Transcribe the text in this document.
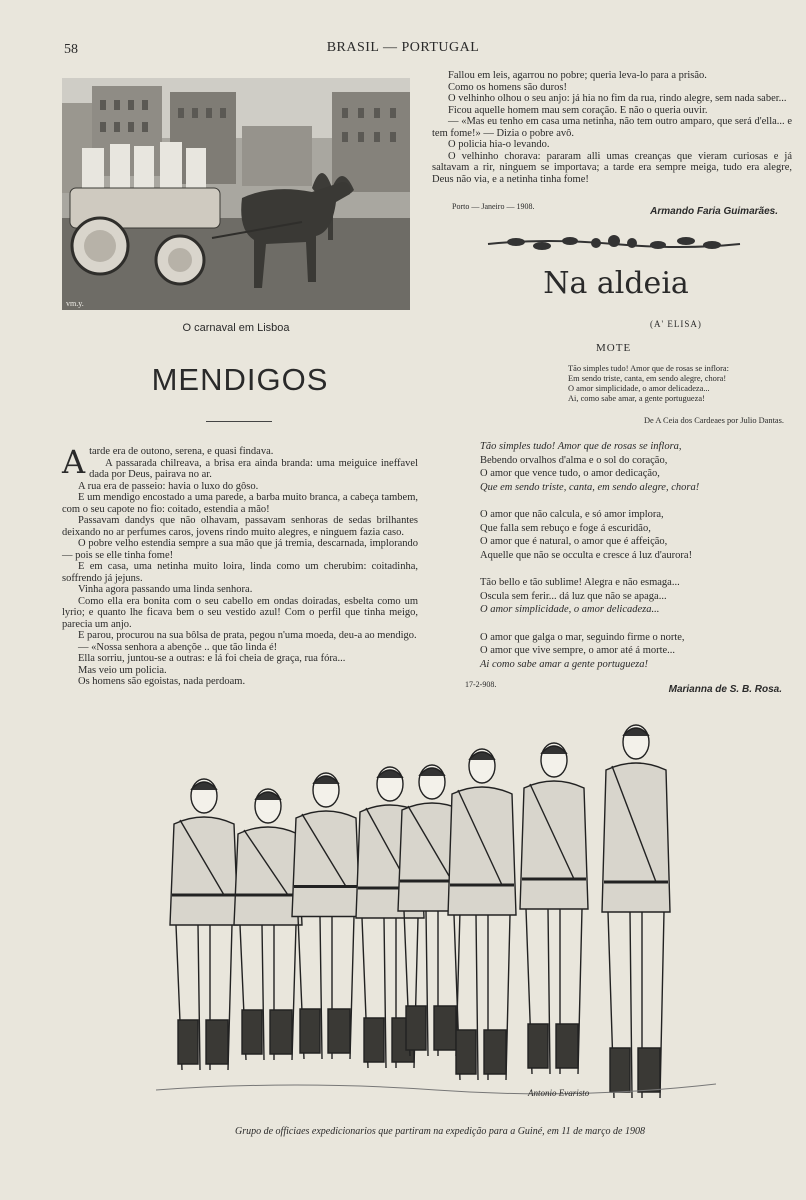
58	BRASIL — PORTUGAL
vm.y.
O carnaval em Lisboa
MENDIGOS

Atarde era de outono, serena, e quasi findava.

A passarada chilreava, a brisa era ainda branda: uma meiguice ineffavel dada por Deus, pairava no ar.

A rua era de passeio: havia o luxo do gôso.

E um mendigo encostado a uma parede, a barba muito branca, a cabeça tambem, com o seu capote no fio: coitado, estendia a mão!

Passavam dandys que não olhavam, passavam senhoras de sedas brilhantes deixando no ar perfumes caros, jovens rindo muito alegres, e ninguem fazia caso.

O pobre velho estendia sempre a sua mão que já tremia, descarnada, implorando — pois se elle tinha fome!

E em casa, uma netinha muito loira, linda como um cherubim: coitadinha, soffrendo já jejuns.

Vinha agora passando uma linda senhora.

Como ella era bonita com o seu cabello em ondas doiradas, esbelta como um lyrio; e quanto lhe ficava bem o seu vestido azul! Com o perfil que tinha meigo, parecia um anjo.

E parou, procurou na sua bôlsa de prata, pegou n'uma moeda, deu-a ao mendigo.

— «Nossa senhora a abençõe .. que tão linda é!

Ella sorriu, juntou-se a outras: e lá foi cheia de graça, rua fóra...

Mas veio um policia.

Os homens são egoistas, nada perdoam.

Fallou em leis, agarrou no pobre; queria leva-lo para a prisão.

Como os homens são duros!

O velhinho olhou o seu anjo: já hia no fim da rua, rindo alegre, sem nada saber...

Ficou aquelle homem mau sem coração. E não o queria ouvir.

— «Mas eu tenho em casa uma netinha, não tem outro amparo, que será d'ella... e tem fome!» — Dizia o pobre avô.

O policia hia-o levando.

O velhinho chorava: pararam alli umas creanças que vieram curiosas e já saltavam a rir, ninguem se importava; a tarde era sempre meiga, tudo era alegre, Deus não via, e a netinha tinha fome!

Porto — Janeiro — 1908.	Armando Faria Guimarães.
Na aldeia
(A' ELISA)
MOTE
Tão simples tudo! Amor que de rosas se inflora:
Em sendo triste, canta, em sendo alegre, chora!
O amor simplicidade, o amor delicadeza...
Ai, como sabe amar, a gente portugueza!
De A Ceia dos Cardeaes por Julio Dantas.
Tão simples tudo! Amor que de rosas se inflora,
Bebendo orvalhos d'alma e o sol do coração,
O amor que vence tudo, o amor dedicação,
Que em sendo triste, canta, em sendo alegre, chora!
O amor que não calcula, e só amor implora,
Que falla sem rebuço e foge á escuridão,
O amor que é natural, o amor que é affeição,
Aquelle que não se occulta e cresce á luz d'aurora!
Tão bello e tão sublime! Alegra e não esmaga...
Oscula sem ferir... dá luz que não se apaga...
O amor simplicidade, o amor delicadeza...
O amor que galga o mar, seguindo firme o norte,
O amor que vive sempre, o amor até á morte...
Ai como sabe amar a gente portugueza!
17-2-908.	Marianna de S. B. Rosa.
Antonio Evaristo
Grupo de officiaes expedicionarios que partiram na expedição para a Guiné, em 11 de março de 1908
